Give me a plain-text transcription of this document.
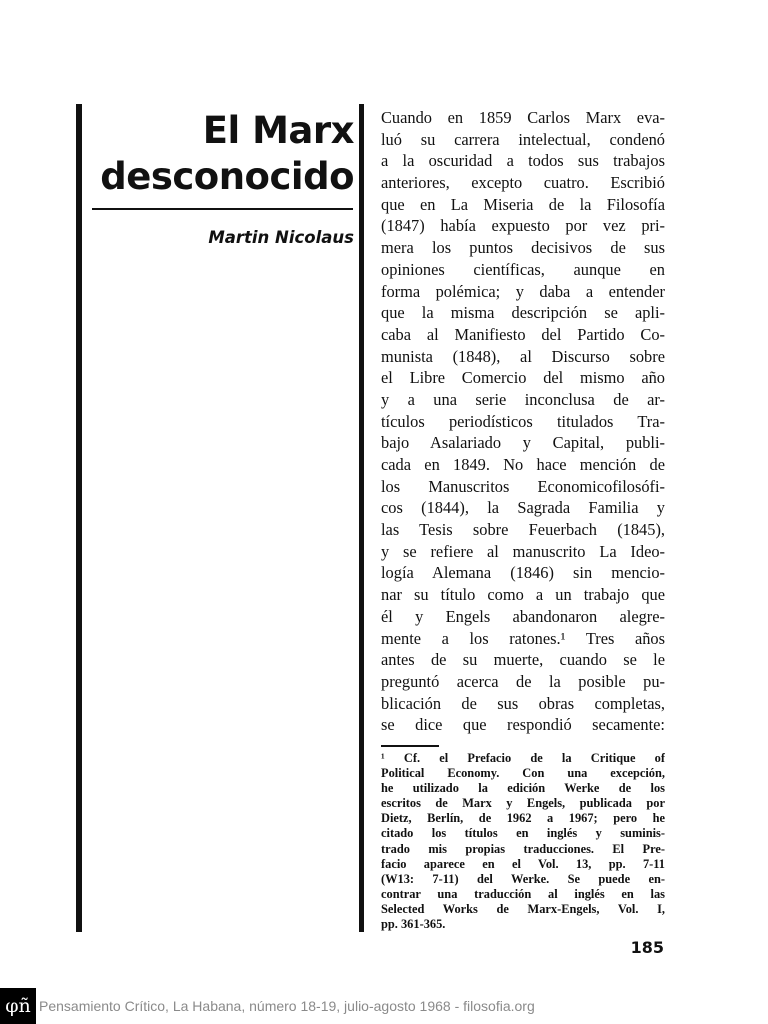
El Marx
desconocido
Martin Nicolaus
Cuando en 1859 Carlos Marx eva-
luó su carrera intelectual, condenó
a la oscuridad a todos sus trabajos
anteriores, excepto cuatro. Escribió
que en La Miseria de la Filosofía
(1847) había expuesto por vez pri-
mera los puntos decisivos de sus
opiniones científicas, aunque en
forma polémica; y daba a entender
que la misma descripción se apli-
caba al Manifiesto del Partido Co-
munista (1848), al Discurso sobre
el Libre Comercio del mismo año
y a una serie inconclusa de ar-
tículos periodísticos titulados Tra-
bajo Asalariado y Capital, publi-
cada en 1849. No hace mención de
los Manuscritos Economicofilosófi-
cos (1844), la Sagrada Familia y
las Tesis sobre Feuerbach (1845),
y se refiere al manuscrito La Ideo-
logía Alemana (1846) sin mencio-
nar su título como a un trabajo que
él y Engels abandonaron alegre-
mente a los ratones.¹ Tres años
antes de su muerte, cuando se le
preguntó acerca de la posible pu-
blicación de sus obras completas,
se dice que respondió secamente:
¹ Cf. el Prefacio de la Critique of
Political Economy. Con una excepción,
he utilizado la edición Werke de los
escritos de Marx y Engels, publicada por
Dietz, Berlín, de 1962 a 1967; pero he
citado los títulos en inglés y suminis-
trado mis propias traducciones. El Pre-
facio aparece en el Vol. 13, pp. 7-11
(W13: 7-11) del Werke. Se puede en-
contrar una traducción al inglés en las
Selected Works de Marx-Engels, Vol. I,
pp. 361-365.
185
φñ Pensamiento Crítico, La Habana, número 18-19, julio-agosto 1968 - filosofia.org
